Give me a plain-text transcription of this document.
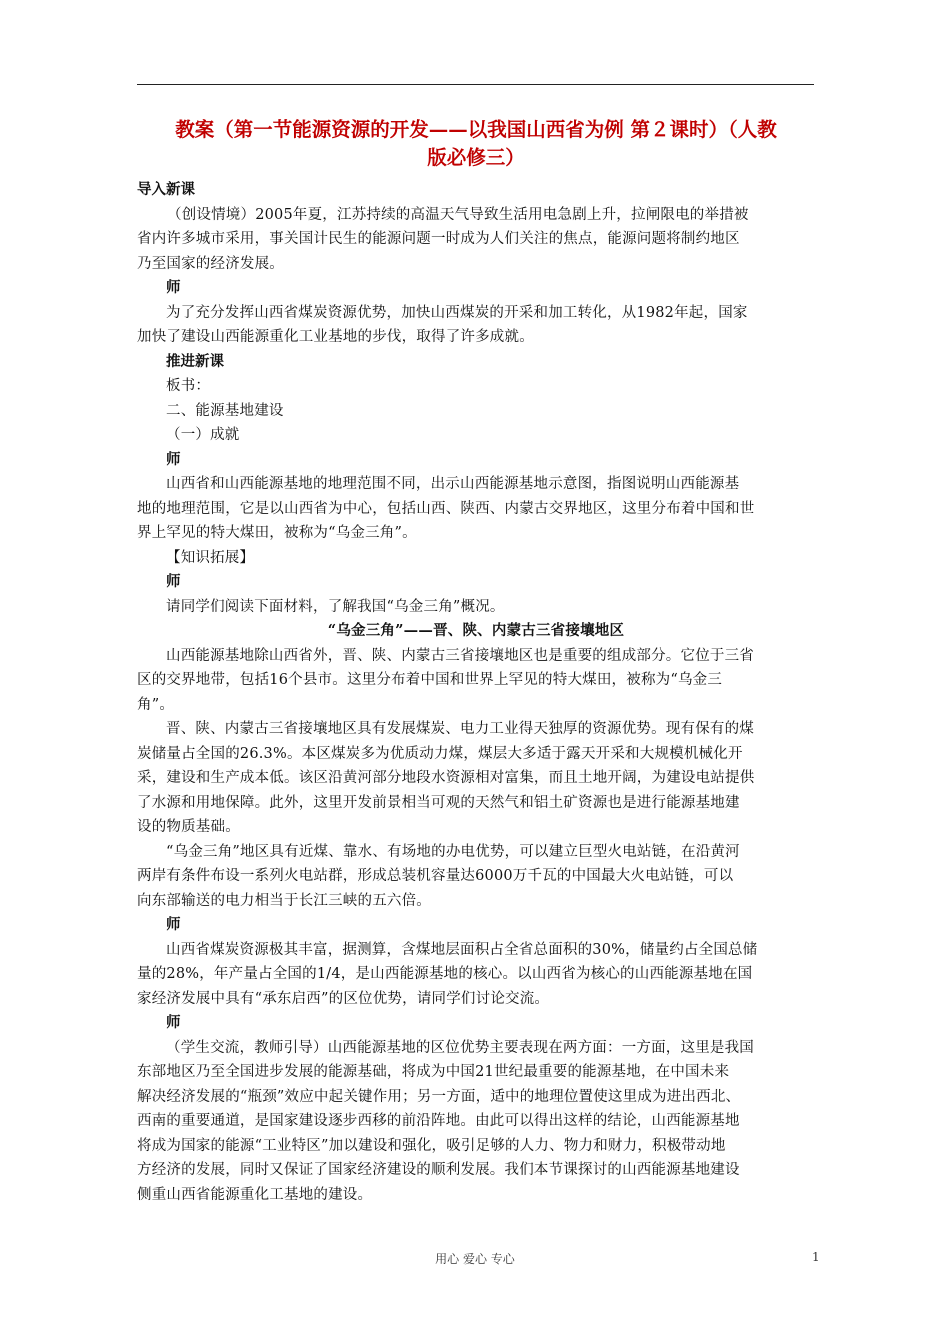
教案（第一节能源资源的开发——以我国山西省为例 第２课时）（人教
版必修三）

导入新课

（创设情境）2005年夏，江苏持续的高温天气导致生活用电急剧上升，拉闸限电的举措被

省内许多城市采用，事关国计民生的能源问题一时成为人们关注的焦点，能源问题将制约地区

乃至国家的经济发展。

师

为了充分发挥山西省煤炭资源优势，加快山西煤炭的开采和加工转化，从1982年起，国家

加快了建设山西能源重化工业基地的步伐，取得了许多成就。

推进新课

板书：

二、能源基地建设

（一）成就

师

山西省和山西能源基地的地理范围不同，出示山西能源基地示意图，指图说明山西能源基

地的地理范围，它是以山西省为中心，包括山西、陕西、内蒙古交界地区，这里分布着中国和世

界上罕见的特大煤田，被称为“乌金三角”。

【知识拓展】

师

请同学们阅读下面材料，了解我国“乌金三角”概况。

“乌金三角”——晋、陕、内蒙古三省接壤地区

山西能源基地除山西省外，晋、陕、内蒙古三省接壤地区也是重要的组成部分。它位于三省

区的交界地带，包括16个县市。这里分布着中国和世界上罕见的特大煤田，被称为“乌金三

角”。

晋、陕、内蒙古三省接壤地区具有发展煤炭、电力工业得天独厚的资源优势。现有保有的煤

炭储量占全国的26.3%。本区煤炭多为优质动力煤，煤层大多适于露天开采和大规模机械化开

采，建设和生产成本低。该区沿黄河部分地段水资源相对富集，而且土地开阔，为建设电站提供

了水源和用地保障。此外，这里开发前景相当可观的天然气和铝土矿资源也是进行能源基地建

设的物质基础。

“乌金三角”地区具有近煤、靠水、有场地的办电优势，可以建立巨型火电站链，在沿黄河

两岸有条件布设一系列火电站群，形成总装机容量达6000万千瓦的中国最大火电站链，可以

向东部输送的电力相当于长江三峡的五六倍。

师

山西省煤炭资源极其丰富，据测算，含煤地层面积占全省总面积的30%，储量约占全国总储

量的28%，年产量占全国的1/4，是山西能源基地的核心。以山西省为核心的山西能源基地在国

家经济发展中具有“承东启西”的区位优势，请同学们讨论交流。

师

（学生交流，教师引导）山西能源基地的区位优势主要表现在两方面：一方面，这里是我国

东部地区乃至全国进步发展的能源基础，将成为中国21世纪最重要的能源基地，在中国未来

解决经济发展的“瓶颈”效应中起关键作用；另一方面，适中的地理位置使这里成为进出西北、

西南的重要通道，是国家建设逐步西移的前沿阵地。由此可以得出这样的结论，山西能源基地

将成为国家的能源“工业特区”加以建设和强化，吸引足够的人力、物力和财力，积极带动地

方经济的发展，同时又保证了国家经济建设的顺利发展。我们本节课探讨的山西能源基地建设

侧重山西省能源重化工基地的建设。

用心 爱心 专心	1
